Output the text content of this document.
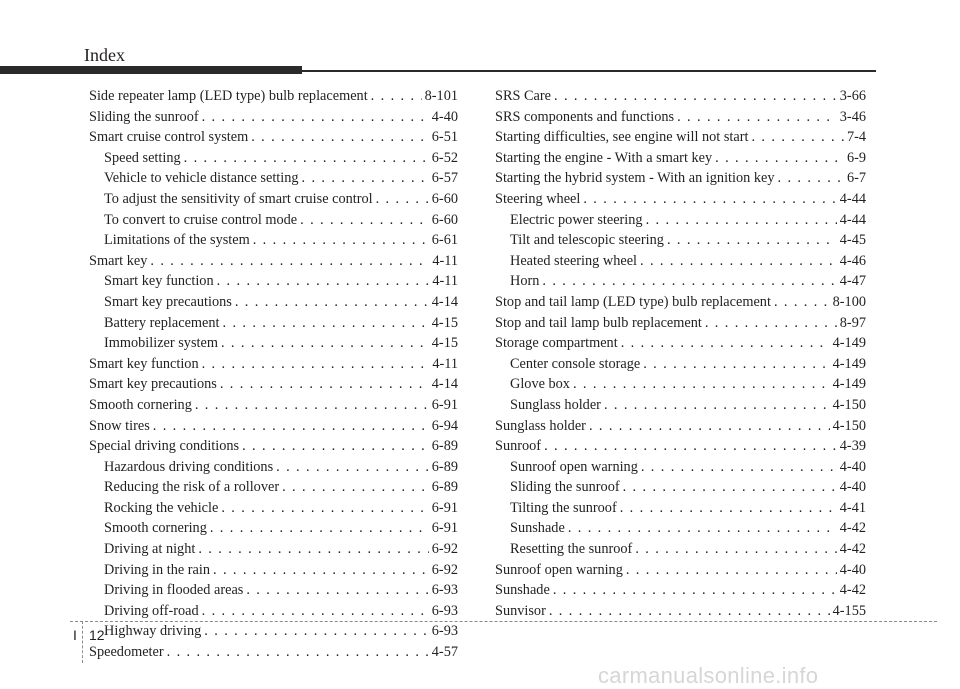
Index
Side repeater lamp (LED type) bulb replacement . . .	8-101
Sliding the sunroof . . .	4-40
Smart cruise control system . . .	6-51
Speed setting . . .	6-52
Vehicle to vehicle distance setting . . .	6-57
To adjust the sensitivity of smart cruise control . . .	6-60
To convert to cruise control mode . . .	6-60
Limitations of the system . . .	6-61
Smart key . . .	4-11
Smart key function . . .	4-11
Smart key precautions . . .	4-14
Battery replacement . . .	4-15
Immobilizer system . . .	4-15
Smart key function . . .	4-11
Smart key precautions . . .	4-14
Smooth cornering . . .	6-91
Snow tires . . .	6-94
Special driving conditions . . .	6-89
Hazardous driving conditions . . .	6-89
Reducing the risk of a rollover . . .	6-89
Rocking the vehicle . . .	6-91
Smooth cornering . . .	6-91
Driving at night . . .	6-92
Driving in the rain . . .	6-92
Driving in flooded areas . . .	6-93
Driving off-road . . .	6-93
Highway driving . . .	6-93
Speedometer . . .	4-57
SRS Care . . .	3-66
SRS components and functions . . .	3-46
Starting difficulties, see engine will not start . . .	7-4
Starting the engine - With a smart key . . .	6-9
Starting the hybrid system - With an ignition key . . .	6-7
Steering wheel . . .	4-44
Electric power steering . . .	4-44
Tilt and telescopic steering . . .	4-45
Heated steering wheel . . .	4-46
Horn . . .	4-47
Stop and tail lamp (LED type) bulb replacement . . .	8-100
Stop and tail lamp bulb replacement . . .	8-97
Storage compartment . . .	4-149
Center console storage . . .	4-149
Glove box . . .	4-149
Sunglass holder . . .	4-150
Sunglass holder . . .	4-150
Sunroof . . .	4-39
Sunroof open warning . . .	4-40
Sliding the sunroof . . .	4-40
Tilting the sunroof . . .	4-41
Sunshade . . .	4-42
Resetting the sunroof . . .	4-42
Sunroof open warning . . .	4-40
Sunshade . . .	4-42
Sunvisor . . .	4-155
I 12
carmanualsonline.info
